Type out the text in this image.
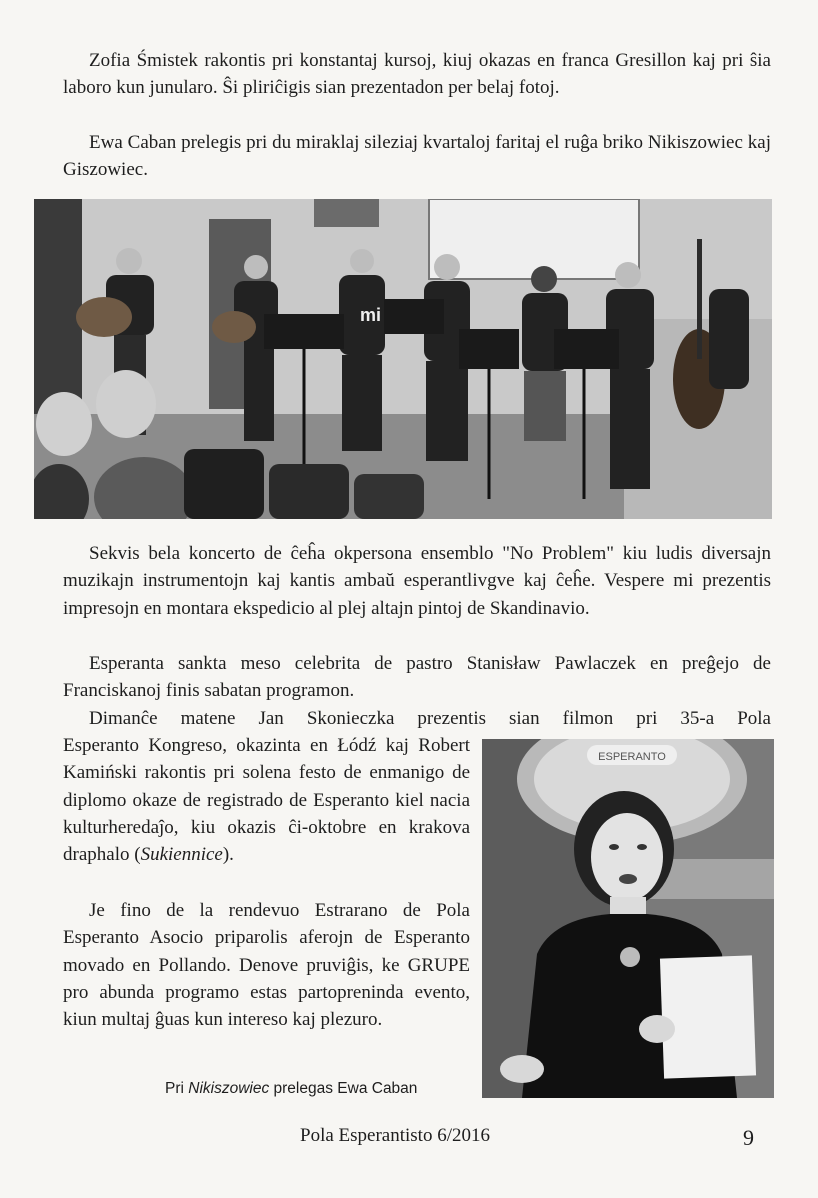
Zofia Śmistek rakontis pri konstantaj kursoj, kiuj okazas en franca Gresillon kaj pri ŝia laboro kun junularo. Ŝi pliriĉigis sian prezentadon per belaj fotoj.

Ewa Caban prelegis pri du miraklaj sileziaj kvartaloj faritaj el ruĝa briko Nikiszowiec kaj Giszowiec.

mi

Sekvis bela koncerto de ĉeĥa okpersona ensemblo "No Problem" kiu ludis diversajn muzikajn instrumentojn kaj kantis ambaŭ esperantlivgve kaj ĉeĥe. Vespere mi prezentis impresojn en montara ekspedicio al plej altajn pintoj de Skandinavio.

Esperanta sankta meso celebrita de pastro Stanisław Pawlaczek en preĝejo de Franciskanoj finis sabatan programon.

Dimanĉe matene Jan Skonieczka prezentis sian filmon pri 35-a Pola

Esperanto Kongreso, okazinta en Łódź kaj Robert Kamiński rakontis pri solena festo de enmanigo de diplomo okaze de registrado de Esperanto kiel nacia kulturheredaĵo, kiu okazis ĉi-oktobre en krakova draphalo (Sukiennice).

Je fino de la rendevuo Estrarano de Pola Esperanto Asocio priparolis aferojn de Esperanto movado en Pollando. Denove pruviĝis, ke GRUPE pro abunda programo estas partopreninda evento, kiun multaj ĝuas kun intereso kaj plezuro.

ESPERANTO
Pri Nikiszowiec prelegas Ewa Caban
Pola Esperantisto 6/2016	9
